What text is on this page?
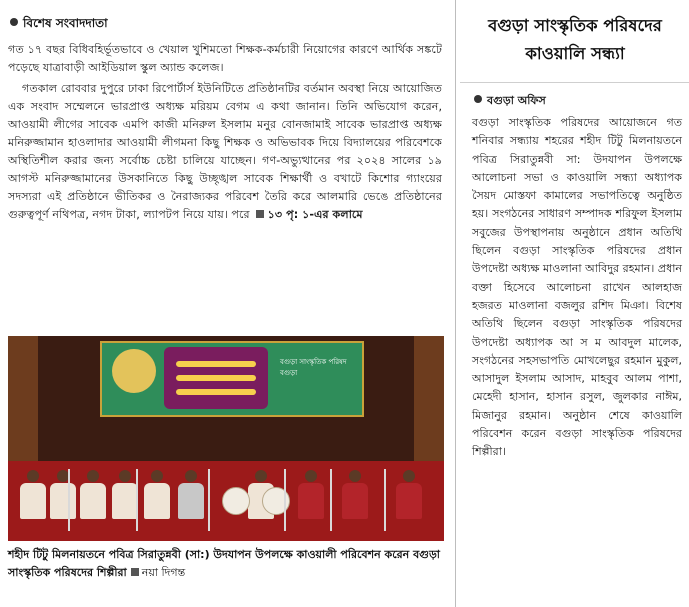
বিশেষ সংবাদদাতা

গত ১৭ বছর বিধিবহির্ভূতভাবে ও খেয়াল খুশিমতো শিক্ষক-কর্মচারী নিয়োগের কারণে আর্থিক সঙ্কটে পড়েছে যাত্রাবাড়ী আইডিয়াল স্কুল অ্যান্ড কলেজ।

গতকাল রোববার দুপুরে ঢাকা রিপোর্টার্স ইউনিটিতে প্রতিষ্ঠানটির বর্তমান অবস্থা নিয়ে আয়োজিত এক সংবাদ সম্মেলনে ভারপ্রাপ্ত অধ্যক্ষ মরিয়ম বেগম এ কথা জানান। তিনি অভিযোগ করেন, আওয়ামী লীগের সাবেক এমপি কাজী মনিরুল ইসলাম মনুর বোনজামাই সাবেক ভারপ্রাপ্ত অধ্যক্ষ মনিরুজ্জামান হাওলাদার আওয়ামী লীগমনা কিছু শিক্ষক ও অভিভাবক দিয়ে বিদ্যালয়ের পরিবেশকে অস্থিতিশীল করার জন্য সর্বোচ্চ চেষ্টা চালিয়ে যাচ্ছেন। গণ-অভ্যুত্থানের পর ২০২৪ সালের ১৯ আগস্ট মনিরুজ্জামানের উসকানিতে কিছু উচ্ছৃঙ্খল সাবেক শিক্ষার্থী ও বখাটে কিশোর গ্যাংয়ের সদস্যরা এই প্রতিষ্ঠানে ভীতিকর ও নৈরাজ্যকর পরিবেশ তৈরি করে আলমারি ভেঙে প্রতিষ্ঠানের গুরুত্বপূর্ণ নথিপত্র, নগদ টাকা, ল্যাপটপ নিয়ে যায়। পরে ১৩ পৃ: ১-এর কলামে

বগুড়া সাংস্কৃতিক পরিষদ বগুড়া
শহীদ টিটু মিলনায়তনে পবিত্র সিরাতুন্নবী (সা:) উদযাপন উপলক্ষে কাওয়ালী পরিবেশন করেন বগুড়া সাংস্কৃতিক পরিষদের শিল্পীরা নয়া দিগন্ত
বগুড়া সাংস্কৃতিক পরিষদের কাওয়ালি সন্ধ্যা
বগুড়া অফিস

বগুড়া সাংস্কৃতিক পরিষদের আয়োজনে গত শনিবার সন্ধ্যায় শহরের শহীদ টিটু মিলনায়তনে পবিত্র সিরাতুন্নবী সা: উদযাপন উপলক্ষে আলোচনা সভা ও কাওয়ালি সন্ধ্যা অধ্যাপক সৈয়দ মোস্তফা কামালের সভাপতিত্বে অনুষ্ঠিত হয়। সংগঠনের সাধারণ সম্পাদক শরিফুল ইসলাম সবুজের উপস্থাপনায় অনুষ্ঠানে প্রধান অতিথি ছিলেন বগুড়া সাংস্কৃতিক পরিষদের প্রধান উপদেষ্টা অধ্যক্ষ মাওলানা আবিদুর রহমান। প্রধান বক্তা হিসেবে আলোচনা রাখেন আলহাজ হজরত মাওলানা বজলুর রশিদ মিঞা। বিশেষ অতিথি ছিলেন বগুড়া সাংস্কৃতিক পরিষদের উপদেষ্টা অধ্যাপক আ স ম আবদুল মালেক, সংগঠনের সহসভাপতি মোখলেছুর রহমান মুকুল, আসাদুল ইসলাম আসাদ, মাহবুব আলম পাশা, মেহেদী হাসান, হাসান রসুল, জুলকার নাঈম, মিজানুর রহমান। অনুষ্ঠান শেষে কাওয়ালি পরিবেশন করেন বগুড়া সাংস্কৃতিক পরিষদের শিল্পীরা।
